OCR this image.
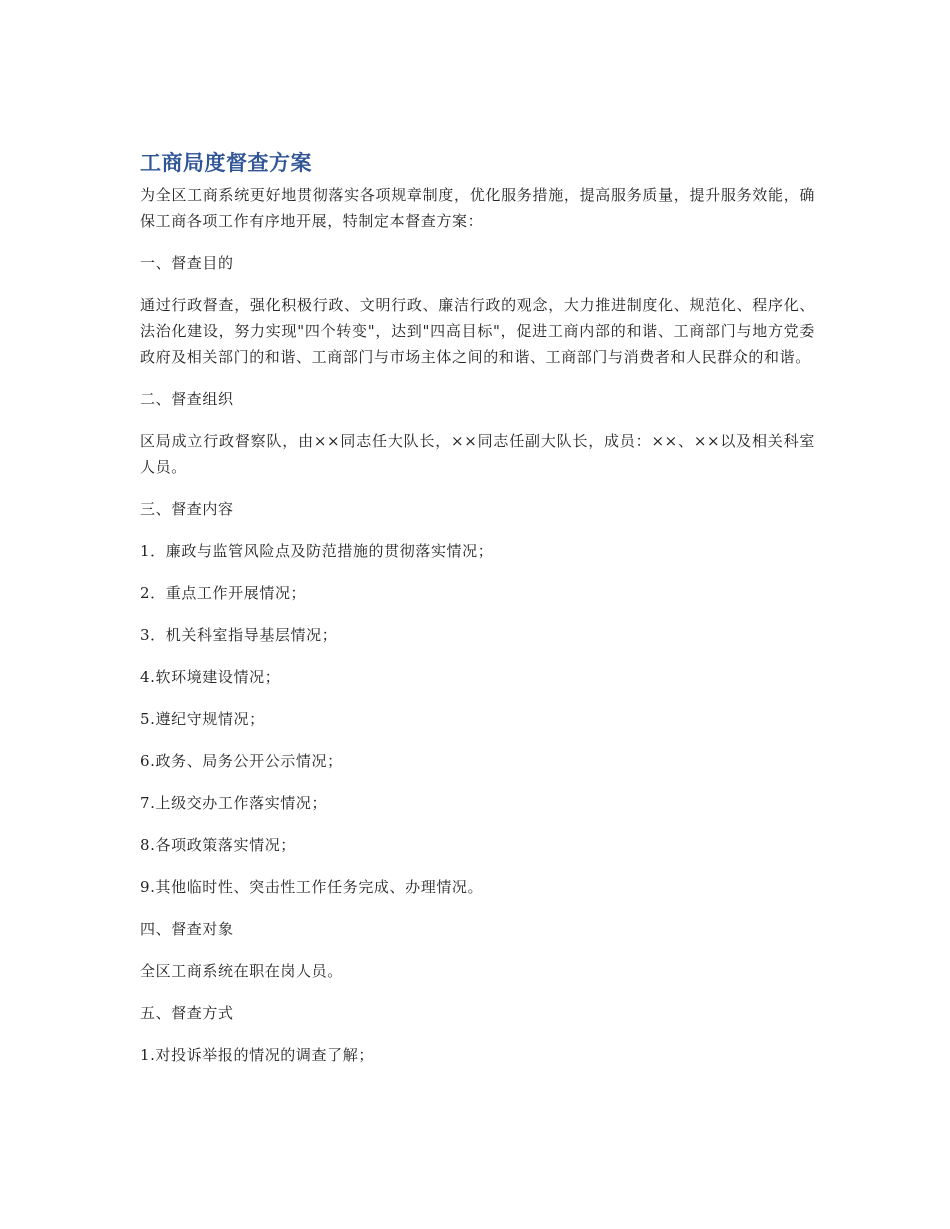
工商局度督查方案

为全区工商系统更好地贯彻落实各项规章制度，优化服务措施，提高服务质量，提升服务效能，确保工商各项工作有序地开展，特制定本督查方案：

一、督查目的

通过行政督查，强化积极行政、文明行政、廉洁行政的观念，大力推进制度化、规范化、程序化、法治化建设，努力实现"四个转变"，达到"四高目标"，促进工商内部的和谐、工商部门与地方党委政府及相关部门的和谐、工商部门与市场主体之间的和谐、工商部门与消费者和人民群众的和谐。

二、督查组织

区局成立行政督察队，由××同志任大队长，××同志任副大队长，成员：××、××以及相关科室人员。

三、督查内容

1．廉政与监管风险点及防范措施的贯彻落实情况；

2．重点工作开展情况；

3．机关科室指导基层情况；

4.软环境建设情况；

5.遵纪守规情况；

6.政务、局务公开公示情况；

7.上级交办工作落实情况；

8.各项政策落实情况；

9.其他临时性、突击性工作任务完成、办理情况。

四、督查对象

全区工商系统在职在岗人员。

五、督查方式

1.对投诉举报的情况的调查了解；
